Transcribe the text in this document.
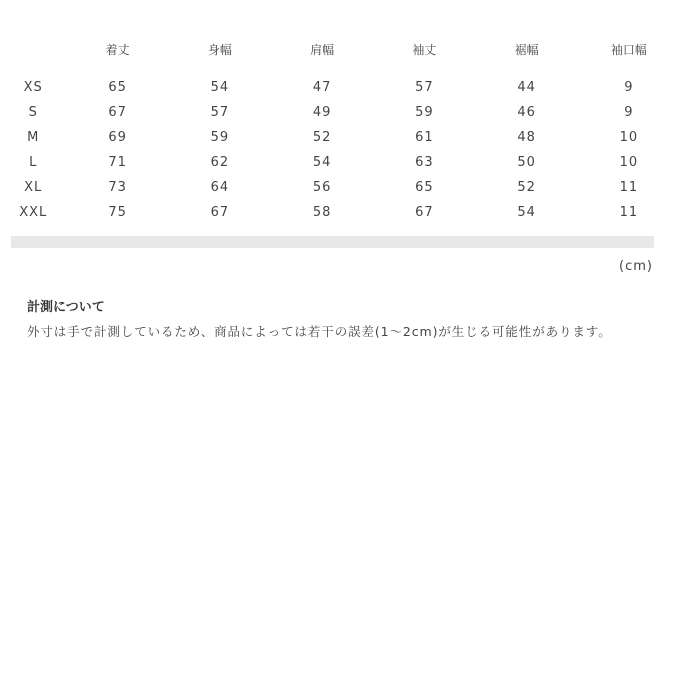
	着丈	身幅	肩幅	袖丈	裾幅	袖口幅

XS	65	54	47	57	44	9
S	67	57	49	59	46	9
M	69	59	52	61	48	10
L	71	62	54	63	50	10
XL	73	64	56	65	52	11
XXL	75	67	58	67	54	11
(cm)
計測について
外寸は手で計測しているため、商品によっては若干の誤差(1〜2cm)が生じる可能性があります。
